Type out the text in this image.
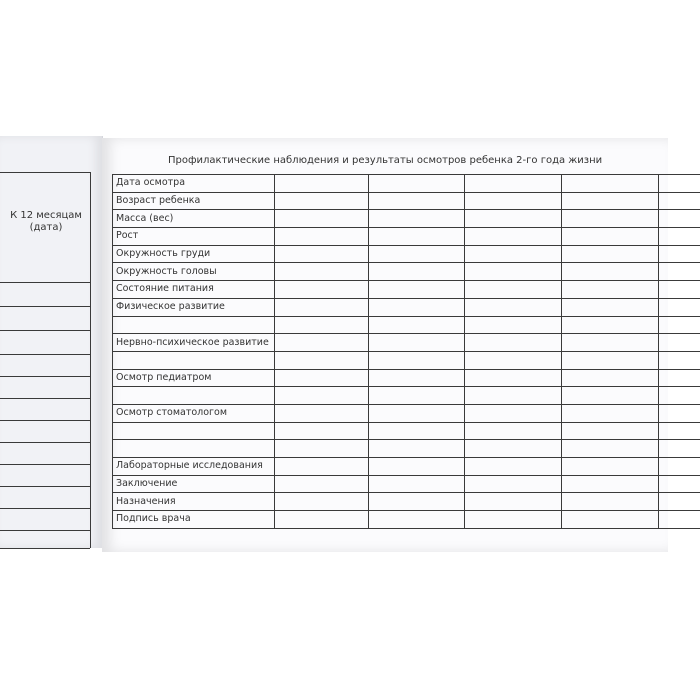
К 12 месяцам (дата)
Профилактические наблюдения и результаты осмотров ребенка 2-го года жизни
Дата осмотра					
Возраст ребенка					
Масса (вес)					
Рост					
Окружность груди					
Окружность головы					
Состояние питания					
Физическое развитие					

Нервно-психическое развитие					

Осмотр педиатром					

Осмотр стоматологом					

Лабораторные исследования					
Заключение					
Назначения					
Подпись врача					
